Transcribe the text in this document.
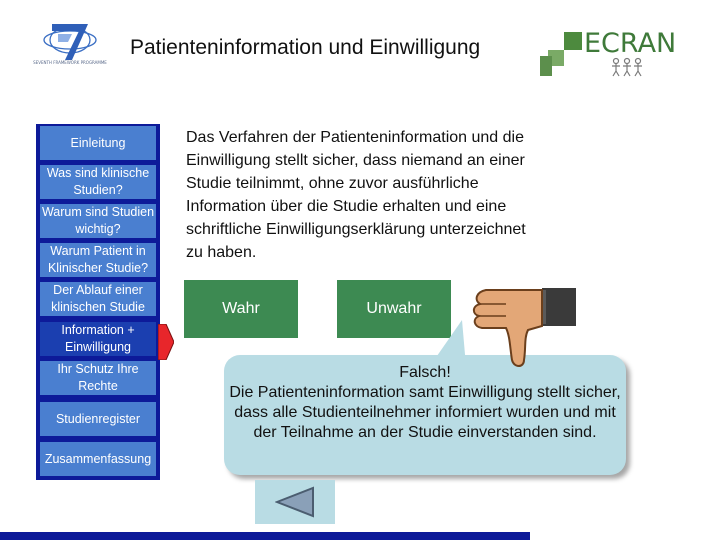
SEVENTH FRAMEWORK PROGRAMME
Patienteninformation und Einwilligung	ECRAN
Einleitung
Was sind klinische Studien?
Warum sind Studien wichtig?
Warum Patient in Klinischer Studie?
Der Ablauf einer klinischen Studie
Information + Einwilligung
Ihr Schutz Ihre Rechte
Studienregister
Zusammenfassung
Das Verfahren der Patienteninformation und die Einwilligung stellt sicher, dass niemand an einer Studie teilnimmt, ohne zuvor ausführliche Information über die Studie erhalten und eine schriftliche Einwilligungserklärung unterzeichnet zu haben.
Wahr	Unwahr
Falsch!
Die Patienteninformation samt Einwilligung stellt sicher, dass alle Studienteilnehmer informiert wurden und mit der Teilnahme an der Studie einverstanden sind.
